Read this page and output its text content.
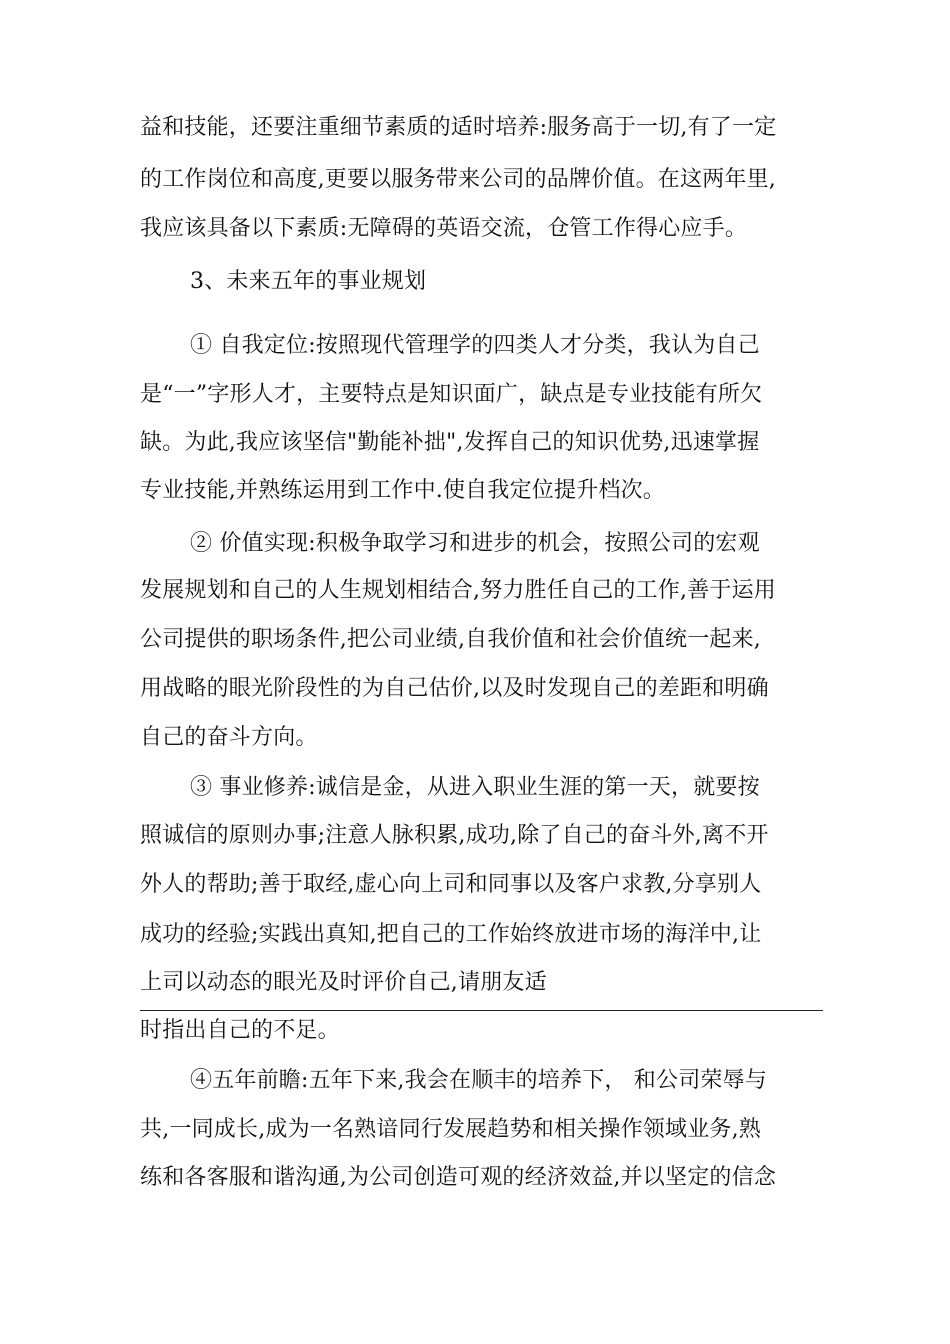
益和技能，还要注重细节素质的适时培养:服务高于一切,有了一定
的工作岗位和高度,更要以服务带来公司的品牌价值。在这两年里,
我应该具备以下素质:无障碍的英语交流，仓管工作得心应手。
3、未来五年的事业规划
① 自我定位:按照现代管理学的四类人才分类，我认为自己
是“一”字形人才，主要特点是知识面广，缺点是专业技能有所欠
缺。为此,我应该坚信"勤能补拙",发挥自己的知识优势,迅速掌握
专业技能,并熟练运用到工作中.使自我定位提升档次。
② 价值实现:积极争取学习和进步的机会，按照公司的宏观
发展规划和自己的人生规划相结合,努力胜任自己的工作,善于运用
公司提供的职场条件,把公司业绩,自我价值和社会价值统一起来,
用战略的眼光阶段性的为自己估价,以及时发现自己的差距和明确
自己的奋斗方向。
③ 事业修养:诚信是金，从进入职业生涯的第一天，就要按
照诚信的原则办事;注意人脉积累,成功,除了自己的奋斗外,离不开
外人的帮助;善于取经,虚心向上司和同事以及客户求教,分享别人
成功的经验;实践出真知,把自己的工作始终放进市场的海洋中,让
上司以动态的眼光及时评价自己,请朋友适
时指出自己的不足。
④五年前瞻:五年下来,我会在顺丰的培养下， 和公司荣辱与
共,一同成长,成为一名熟谙同行发展趋势和相关操作领域业务,熟
练和各客服和谐沟通,为公司创造可观的经济效益,并以坚定的信念
